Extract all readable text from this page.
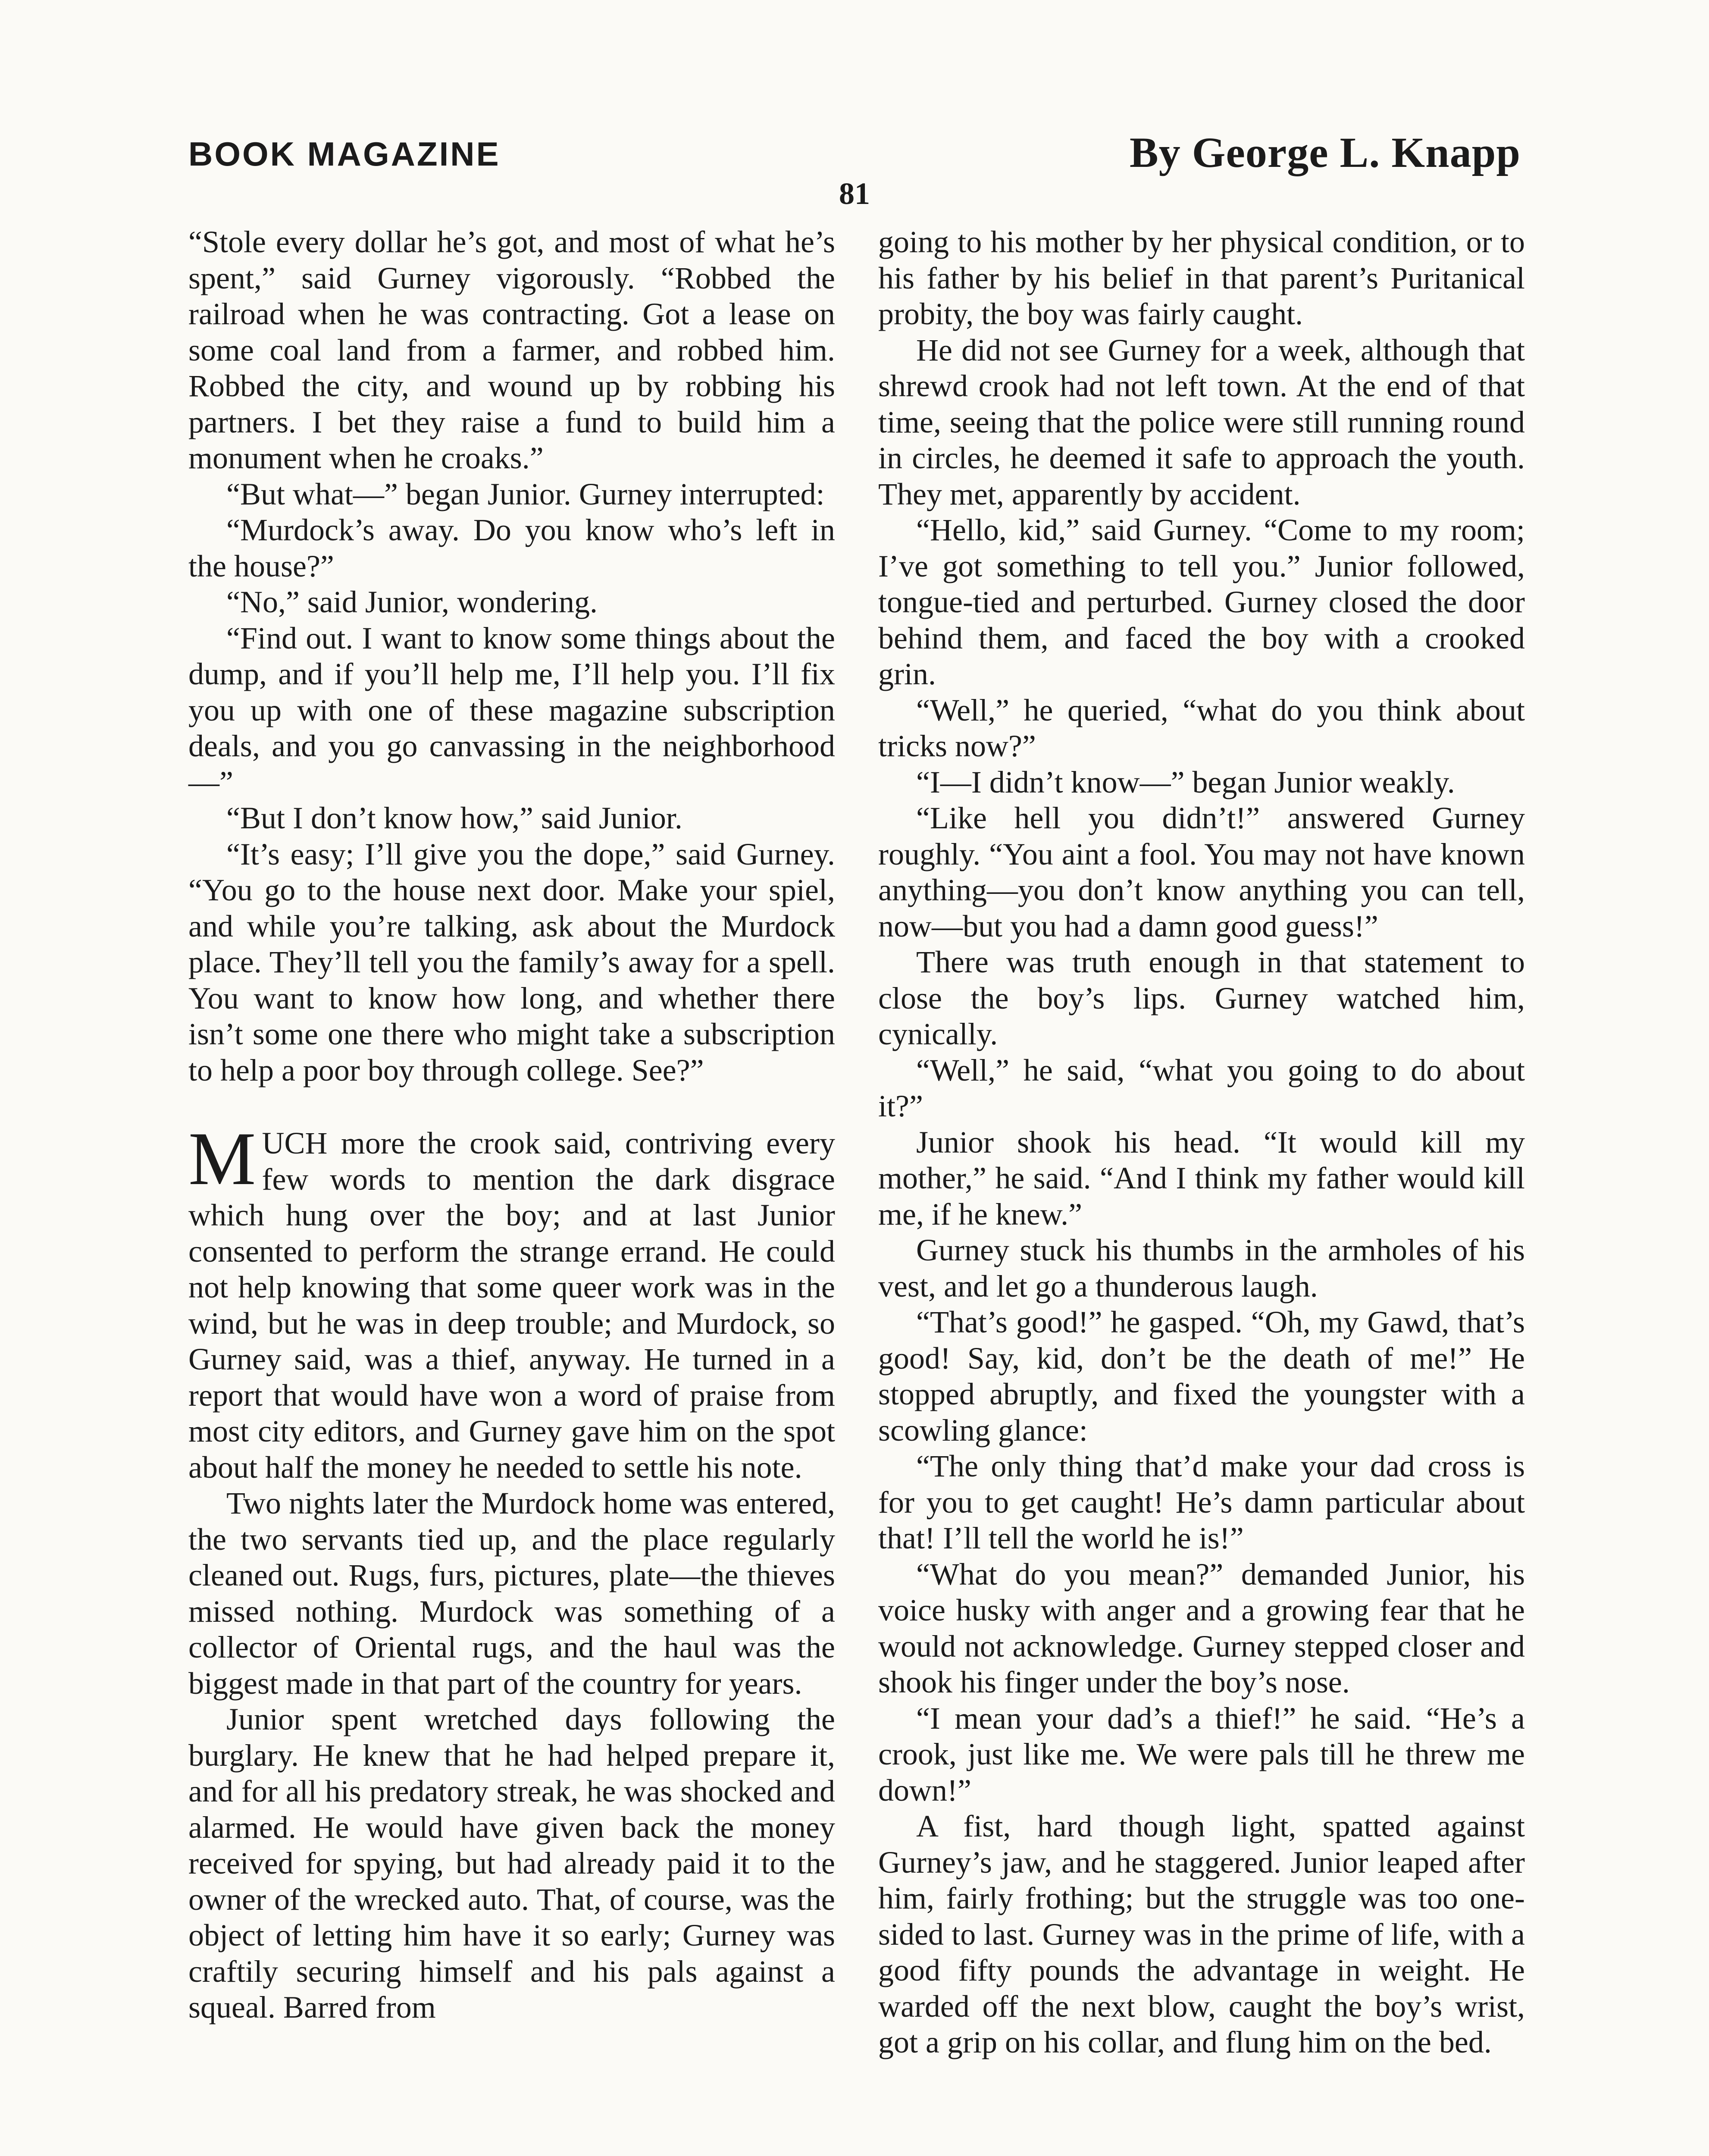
BOOK MAGAZINE	By George L. Knapp
81

“Stole every dollar he’s got, and most of what he’s spent,” said Gurney vigorously. “Robbed the railroad when he was contracting. Got a lease on some coal land from a farmer, and robbed him. Robbed the city, and wound up by robbing his partners. I bet they raise a fund to build him a monument when he croaks.”

“But what—” began Junior. Gurney interrupted:

“Murdock’s away. Do you know who’s left in the house?”

“No,” said Junior, wondering.

“Find out. I want to know some things about the dump, and if you’ll help me, I’ll help you. I’ll fix you up with one of these magazine subscription deals, and you go canvassing in the neighborhood—”

“But I don’t know how,” said Junior.

“It’s easy; I’ll give you the dope,” said Gurney. “You go to the house next door. Make your spiel, and while you’re talking, ask about the Murdock place. They’ll tell you the family’s away for a spell. You want to know how long, and whether there isn’t some one there who might take a subscription to help a poor boy through college. See?”

MUCH more the crook said, contriving every few words to mention the dark disgrace which hung over the boy; and at last Junior consented to perform the strange errand. He could not help knowing that some queer work was in the wind, but he was in deep trouble; and Murdock, so Gurney said, was a thief, anyway. He turned in a report that would have won a word of praise from most city editors, and Gurney gave him on the spot about half the money he needed to settle his note.

Two nights later the Murdock home was entered, the two servants tied up, and the place regularly cleaned out. Rugs, furs, pictures, plate—the thieves missed nothing. Murdock was something of a collector of Oriental rugs, and the haul was the biggest made in that part of the country for years.

Junior spent wretched days following the burglary. He knew that he had helped prepare it, and for all his predatory streak, he was shocked and alarmed. He would have given back the money received for spying, but had already paid it to the owner of the wrecked auto. That, of course, was the object of letting him have it so early; Gurney was craftily securing himself and his pals against a squeal. Barred from

going to his mother by her physical condition, or to his father by his belief in that parent’s Puritanical probity, the boy was fairly caught.

He did not see Gurney for a week, although that shrewd crook had not left town. At the end of that time, seeing that the police were still running round in circles, he deemed it safe to approach the youth. They met, apparently by accident.

“Hello, kid,” said Gurney. “Come to my room; I’ve got something to tell you.” Junior followed, tongue-tied and perturbed. Gurney closed the door behind them, and faced the boy with a crooked grin.

“Well,” he queried, “what do you think about tricks now?”

“I—I didn’t know—” began Junior weakly.

“Like hell you didn’t!” answered Gurney roughly. “You aint a fool. You may not have known anything—you don’t know anything you can tell, now—but you had a damn good guess!”

There was truth enough in that statement to close the boy’s lips. Gurney watched him, cynically.

“Well,” he said, “what you going to do about it?”

Junior shook his head. “It would kill my mother,” he said. “And I think my father would kill me, if he knew.”

Gurney stuck his thumbs in the armholes of his vest, and let go a thunderous laugh.

“That’s good!” he gasped. “Oh, my Gawd, that’s good! Say, kid, don’t be the death of me!” He stopped abruptly, and fixed the youngster with a scowling glance:

“The only thing that’d make your dad cross is for you to get caught! He’s damn particular about that! I’ll tell the world he is!”

“What do you mean?” demanded Junior, his voice husky with anger and a growing fear that he would not acknowledge. Gurney stepped closer and shook his finger under the boy’s nose.

“I mean your dad’s a thief!” he said. “He’s a crook, just like me. We were pals till he threw me down!”

A fist, hard though light, spatted against Gurney’s jaw, and he staggered. Junior leaped after him, fairly frothing; but the struggle was too one-sided to last. Gurney was in the prime of life, with a good fifty pounds the advantage in weight. He warded off the next blow, caught the boy’s wrist, got a grip on his collar, and flung him on the bed.
